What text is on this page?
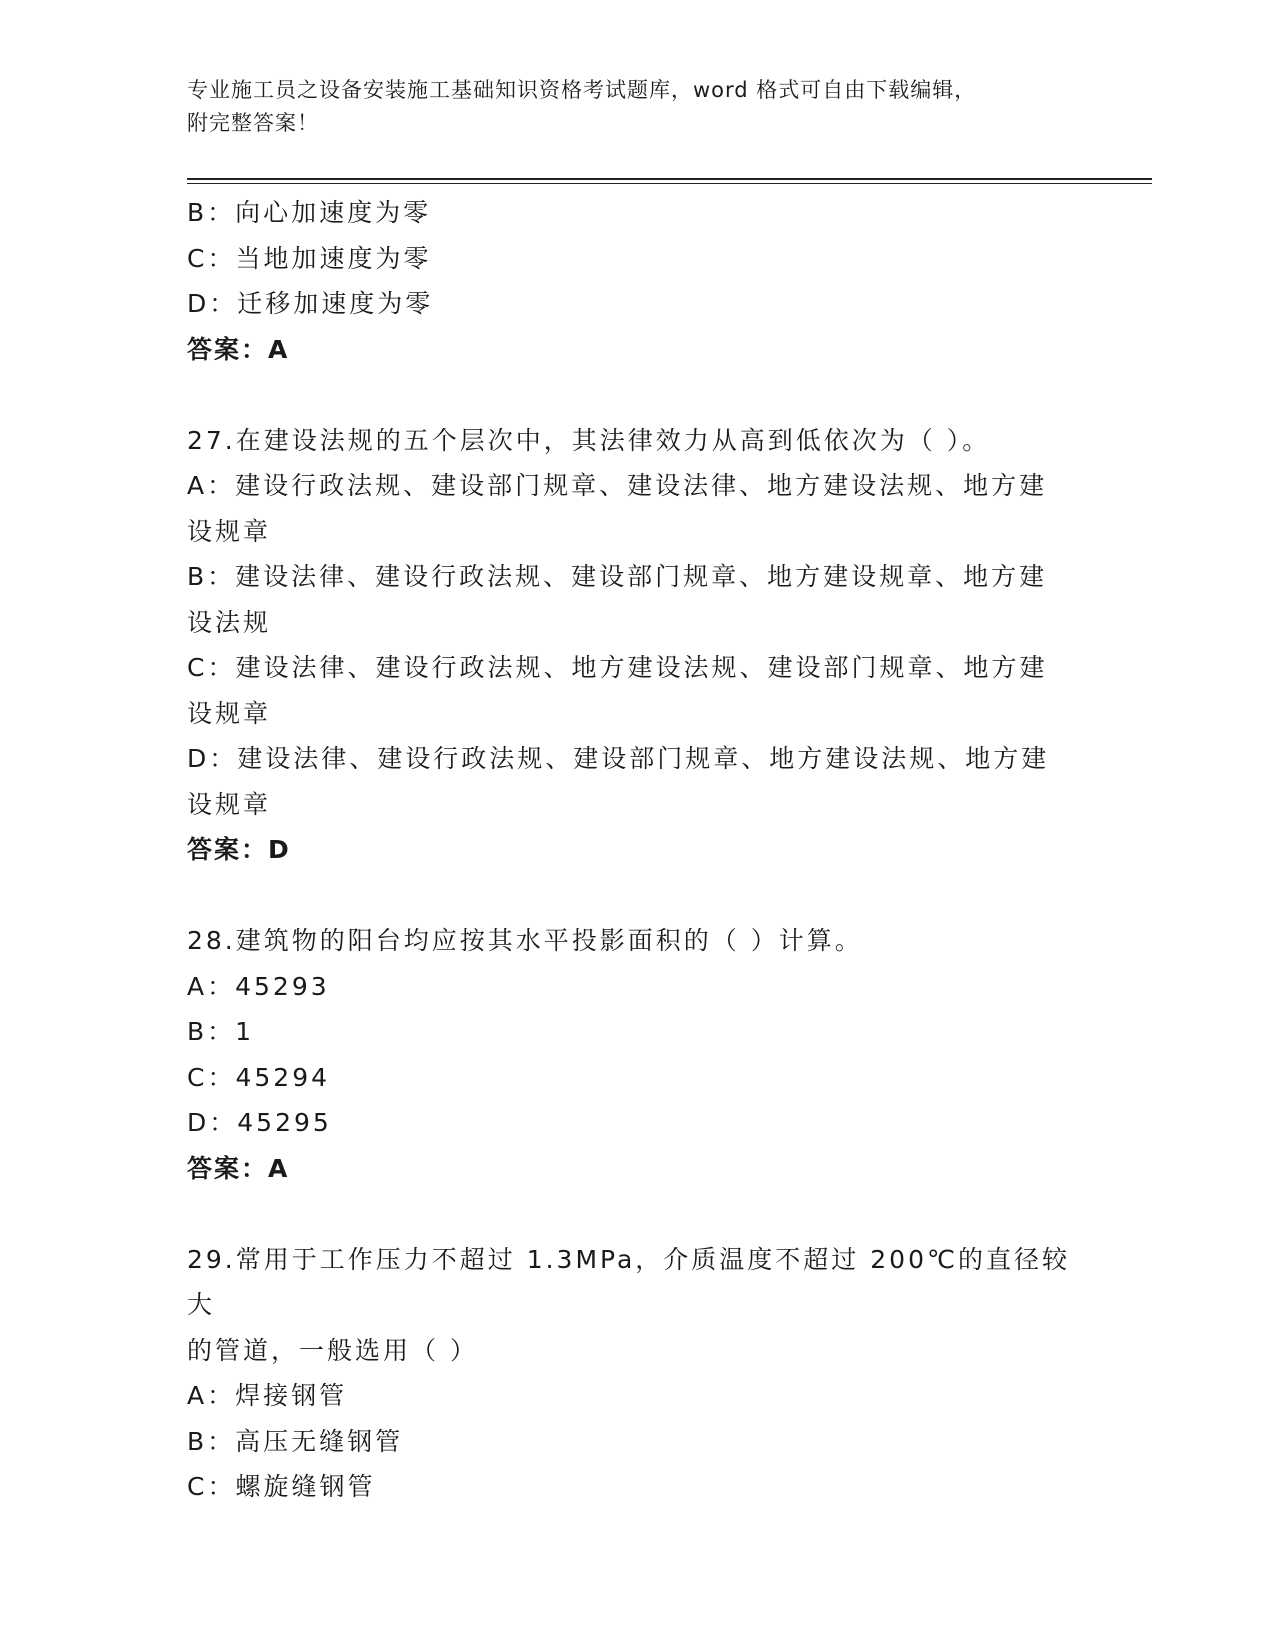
专业施工员之设备安装施工基础知识资格考试题库，word 格式可自由下载编辑，
附完整答案！

B：向心加速度为零

C：当地加速度为零

D：迁移加速度为零

答案：A

27.在建设法规的五个层次中，其法律效力从高到低依次为（ ）。

A：建设行政法规、建设部门规章、建设法律、地方建设法规、地方建

设规章

B：建设法律、建设行政法规、建设部门规章、地方建设规章、地方建

设法规

C：建设法律、建设行政法规、地方建设法规、建设部门规章、地方建

设规章

D：建设法律、建设行政法规、建设部门规章、地方建设法规、地方建

设规章

答案：D

28.建筑物的阳台均应按其水平投影面积的（ ）计算。

A：45293

B：1

C：45294

D：45295

答案：A

29.常用于工作压力不超过 1.3MPa，介质温度不超过 200℃的直径较大

的管道，一般选用（ ）

A：焊接钢管

B：高压无缝钢管

C：螺旋缝钢管
